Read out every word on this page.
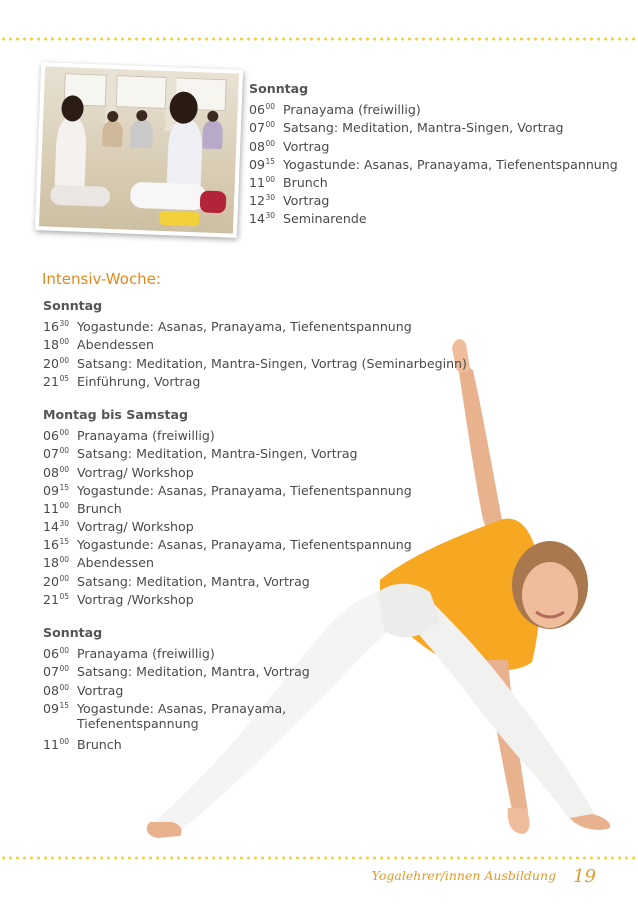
Sonntag
$06^{00}$ Pranayama (freiwillig)
$07^{00}$ Satsang: Meditation, Mantra-Singen, Vortrag
$08^{00}$ Vortrag
$09^{15}$ Yogastunde: Asanas, Pranayama, Tiefenentspannung
$11^{00}$ Brunch
$12^{30}$ Vortrag
$14^{30}$ Seminarende
Intensiv-Woche:
Sonntag
$16^{30}$ Yogastunde: Asanas, Pranayama, Tiefenentspannung
$18^{00}$ Abendessen
$20^{00}$ Satsang: Meditation, Mantra-Singen, Vortrag (Seminarbeginn)
$21^{05}$ Einführung, Vortrag
Montag bis Samstag
$06^{00}$ Pranayama (freiwillig)
$07^{00}$ Satsang: Meditation, Mantra-Singen, Vortrag
$08^{00}$ Vortrag/ Workshop
$09^{15}$ Yogastunde: Asanas, Pranayama, Tiefenentspannung
$11^{00}$ Brunch
$14^{30}$ Vortrag/ Workshop
$16^{15}$ Yogastunde: Asanas, Pranayama, Tiefenentspannung
$18^{00}$ Abendessen
$20^{00}$ Satsang: Meditation, Mantra, Vortrag
$21^{05}$ Vortrag /Workshop
Sonntag
$06^{00}$ Pranayama (freiwillig)
$07^{00}$ Satsang: Meditation, Mantra, Vortrag
$08^{00}$ Vortrag
$09^{15}$ Yogastunde: Asanas, Pranayama,
Tiefenentspannung
$11^{00}$ Brunch
Yogalehrer/innen Ausbildung 19
